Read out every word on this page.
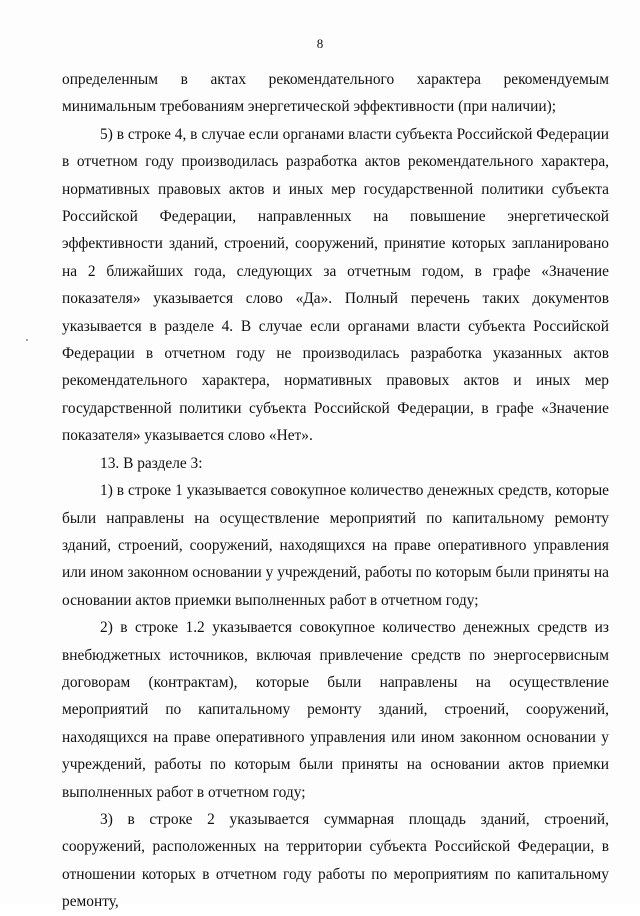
8

определенным в актах рекомендательного характера рекомендуемым минимальным требованиям энергетической эффективности (при наличии);

5) в строке 4, в случае если органами власти субъекта Российской Федерации в отчетном году производилась разработка актов рекомендательного характера, нормативных правовых актов и иных мер государственной политики субъекта Российской Федерации, направленных на повышение энергетической эффективности зданий, строений, сооружений, принятие которых запланировано на 2 ближайших года, следующих за отчетным годом, в графе «Значение показателя» указывается слово «Да». Полный перечень таких документов указывается в разделе 4. В случае если органами власти субъекта Российской Федерации в отчетном году не производилась разработка указанных актов рекомендательного характера, нормативных правовых актов и иных мер государственной политики субъекта Российской Федерации, в графе «Значение показателя» указывается слово «Нет».

13. В разделе 3:

1) в строке 1 указывается совокупное количество денежных средств, которые были направлены на осуществление мероприятий по капитальному ремонту зданий, строений, сооружений, находящихся на праве оперативного управления или ином законном основании у учреждений, работы по которым были приняты на основании актов приемки выполненных работ в отчетном году;

2) в строке 1.2 указывается совокупное количество денежных средств из внебюджетных источников, включая привлечение средств по энергосервисным договорам (контрактам), которые были направлены на осуществление мероприятий по капитальному ремонту зданий, строений, сооружений, находящихся на праве оперативного управления или ином законном основании у учреждений, работы по которым были приняты на основании актов приемки выполненных работ в отчетном году;

3) в строке 2 указывается суммарная площадь зданий, строений, сооружений, расположенных на территории субъекта Российской Федерации, в отношении которых в отчетном году работы по мероприятиям по капитальному ремонту,
